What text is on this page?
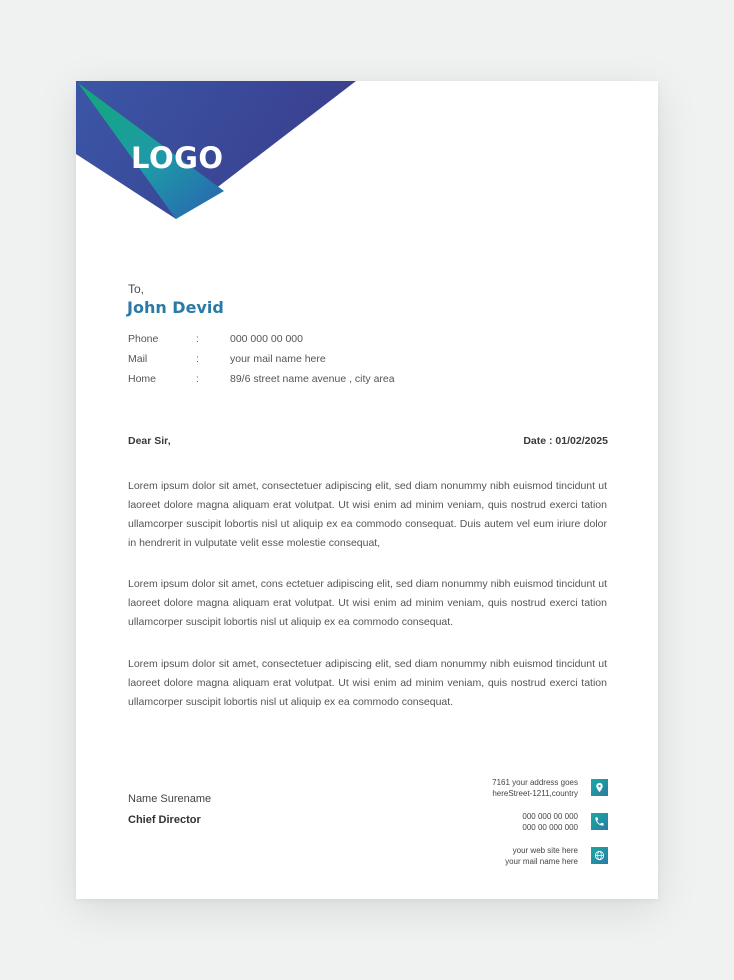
LOGO
To,
John Devid
Phone	:	000 000 00 000
Mail	:	your mail name here
Home	:	89/6 street name avenue , city area
Dear Sir,	Date : 01/02/2025

Lorem ipsum dolor sit amet, consectetuer adipiscing elit, sed diam nonummy nibh euismod tincidunt ut laoreet dolore magna aliquam erat volutpat. Ut wisi enim ad minim veniam, quis nostrud exerci tation ullamcorper suscipit lobortis nisl ut aliquip ex ea commodo consequat. Duis autem vel eum iriure dolor in hendrerit in vulputate velit esse molestie consequat,

Lorem ipsum dolor sit amet, cons ectetuer adipiscing elit, sed diam nonummy nibh euismod tincidunt ut laoreet dolore magna aliquam erat volutpat. Ut wisi enim ad minim veniam, quis nostrud exerci tation ullamcorper suscipit lobortis nisl ut aliquip ex ea commodo consequat.

Lorem ipsum dolor sit amet, consectetuer adipiscing elit, sed diam nonummy nibh euismod tincidunt ut laoreet dolore magna aliquam erat volutpat. Ut wisi enim ad minim veniam, quis nostrud exerci tation ullamcorper suscipit lobortis nisl ut aliquip ex ea commodo consequat.

Name Surename
Chief Director
7161 your address goes
hereStreet-1211,country
000 000 00 000
000 00 000 000
your web site here
your mail name here
